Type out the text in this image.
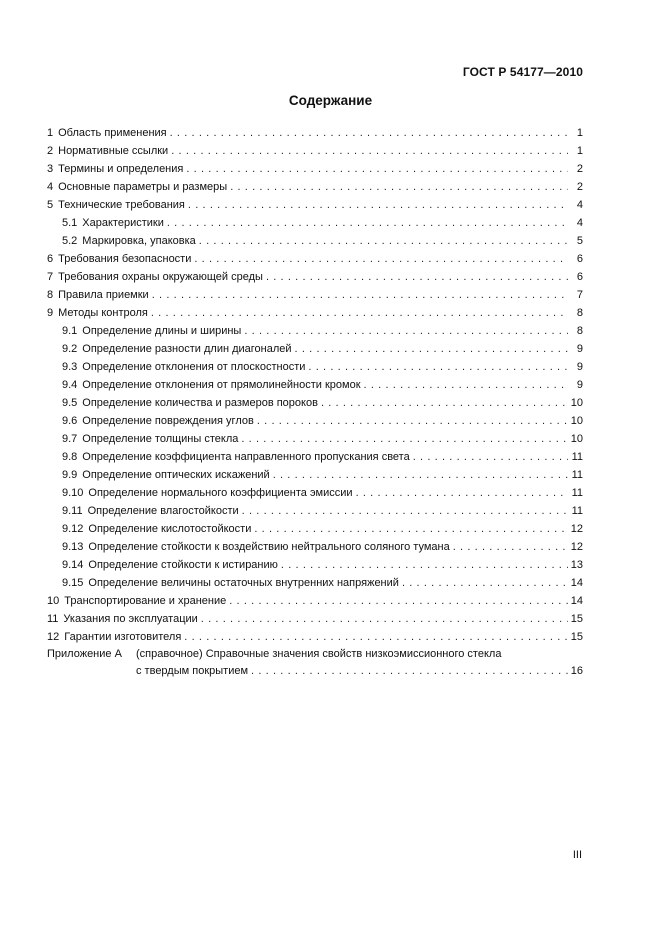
ГОСТ Р 54177—2010
Содержание
1 Область применения . . .	1
2 Нормативные ссылки . . .	1
3 Термины и определения . . .	2
4 Основные параметры и размеры . . .	2
5 Технические требования . . .	4
5.1 Характеристики . . .	4
5.2 Маркировка, упаковка . . .	5
6 Требования безопасности . . .	6
7 Требования охраны окружающей среды . . .	6
8 Правила приемки . . .	7
9 Методы контроля . . .	8
9.1 Определение длины и ширины . . .	8
9.2 Определение разности длин диагоналей . . .	9
9.3 Определение отклонения от плоскостности . . .	9
9.4 Определение отклонения от прямолинейности кромок . . .	9
9.5 Определение количества и размеров пороков . . .	10
9.6 Определение повреждения углов . . .	10
9.7 Определение толщины стекла . . .	10
9.8 Определение коэффициента направленного пропускания света . . .	11
9.9 Определение оптических искажений . . .	11
9.10 Определение нормального коэффициента эмиссии . . .	11
9.11 Определение влагостойкости . . .	11
9.12 Определение кислотостойкости . . .	12
9.13 Определение стойкости к воздействию нейтрального соляного тумана . . .	12
9.14 Определение стойкости к истиранию . . .	13
9.15 Определение величины остаточных внутренних напряжений . . .	14
10 Транспортирование и хранение . . .	14
11 Указания по эксплуатации . . .	15
12 Гарантии изготовителя . . .	15
Приложение А	(справочное) Справочные значения свойств низкоэмиссионного стекла
с твердым покрытием . . .	16
III
